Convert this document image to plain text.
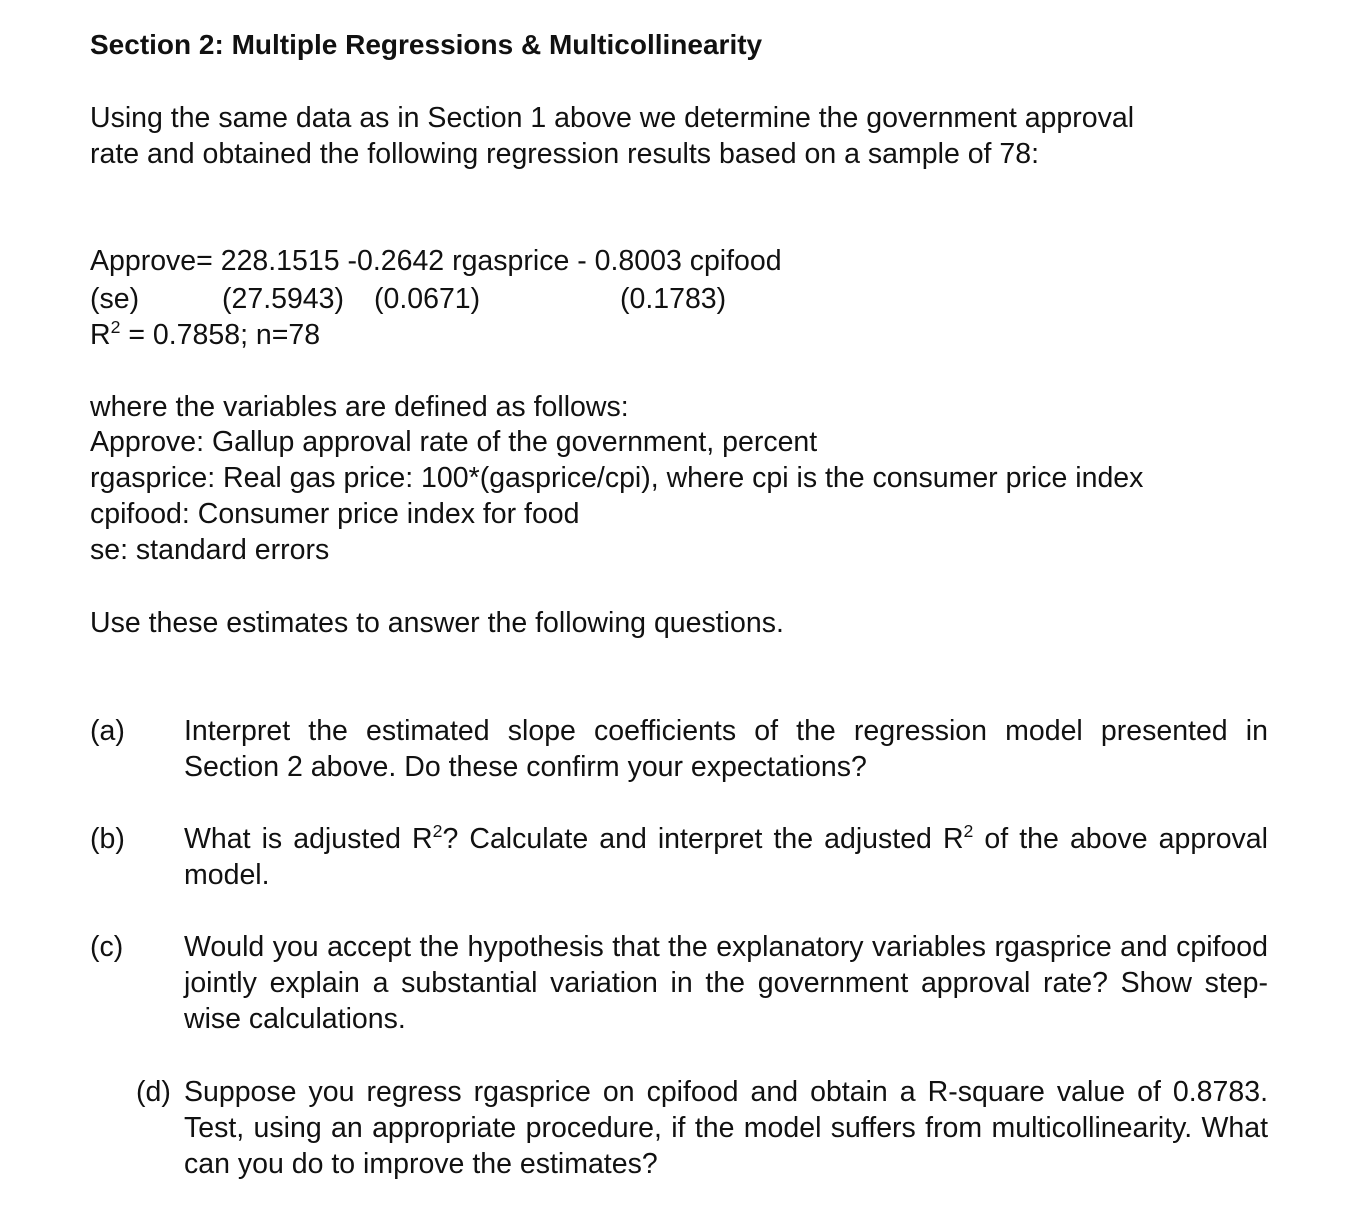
Section 2: Multiple Regressions & Multicollinearity
Using the same data as in Section 1 above we determine the government approval
rate and obtained the following regression results based on a sample of 78:
Approve= 228.1515 -0.2642 rgasprice - 0.8003 cpifood
(se)	(27.5943) (0.0671)	(0.1783)
$R^2 = 0.7858$; n=78
where the variables are defined as follows:
Approve: Gallup approval rate of the government, percent
rgasprice: Real gas price: 100*(gasprice/cpi), where cpi is the consumer price index
cpifood: Consumer price index for food
se: standard errors
Use these estimates to answer the following questions.
(a) Interpret the estimated slope coefficients of the regression model presented in Section 2 above. Do these confirm your expectations?
(b) What is adjusted $R^2$? Calculate and interpret the adjusted $R^2$ of the above approval model.
(c) Would you accept the hypothesis that the explanatory variables rgasprice and cpifood jointly explain a substantial variation in the government approval rate? Show step-wise calculations.
(d) Suppose you regress rgasprice on cpifood and obtain a R-square value of 0.8783. Test, using an appropriate procedure, if the model suffers from multicollinearity. What can you do to improve the estimates?
